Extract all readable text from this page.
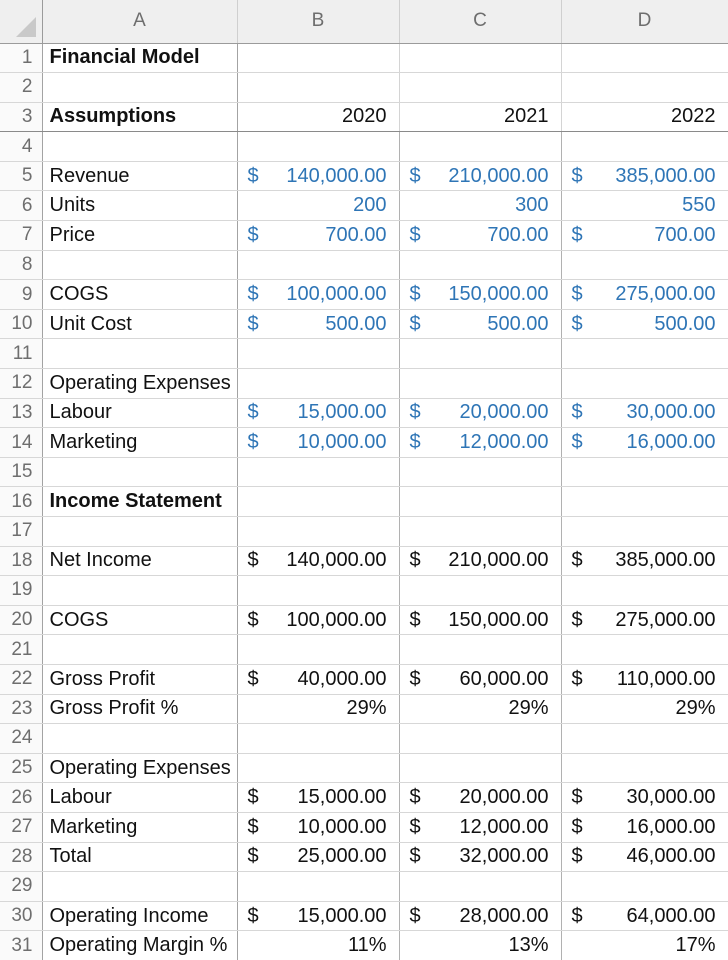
	A	B	C	D
1	Financial Model			
2				
3	Assumptions	2020	2021	2022

4				
5	Revenue	$ 140,000.00	$ 210,000.00	$ 385,000.00

6	Units	200	300	550

7	Price	$ 700.00	$ 700.00	$ 700.00

8				
9	COGS	$ 100,000.00	$ 150,000.00	$ 275,000.00

10	Unit Cost	$ 500.00	$ 500.00	$ 500.00

11				
12	Operating Expenses			
13	Labour	$ 15,000.00	$ 20,000.00	$ 30,000.00

14	Marketing	$ 10,000.00	$ 12,000.00	$ 16,000.00

15				
16	Income Statement			
17				
18	Net Income	$ 140,000.00	$ 210,000.00	$ 385,000.00

19				
20	COGS	$ 100,000.00	$ 150,000.00	$ 275,000.00

21				
22	Gross Profit	$ 40,000.00	$ 60,000.00	$ 110,000.00

23	Gross Profit %	29%	29%	29%

24				
25	Operating Expenses			
26	Labour	$ 15,000.00	$ 20,000.00	$ 30,000.00

27	Marketing	$ 10,000.00	$ 12,000.00	$ 16,000.00

28	Total	$ 25,000.00	$ 32,000.00	$ 46,000.00

29				
30	Operating Income	$ 15,000.00	$ 28,000.00	$ 64,000.00

31	Operating Margin %	11%	13%	17%
